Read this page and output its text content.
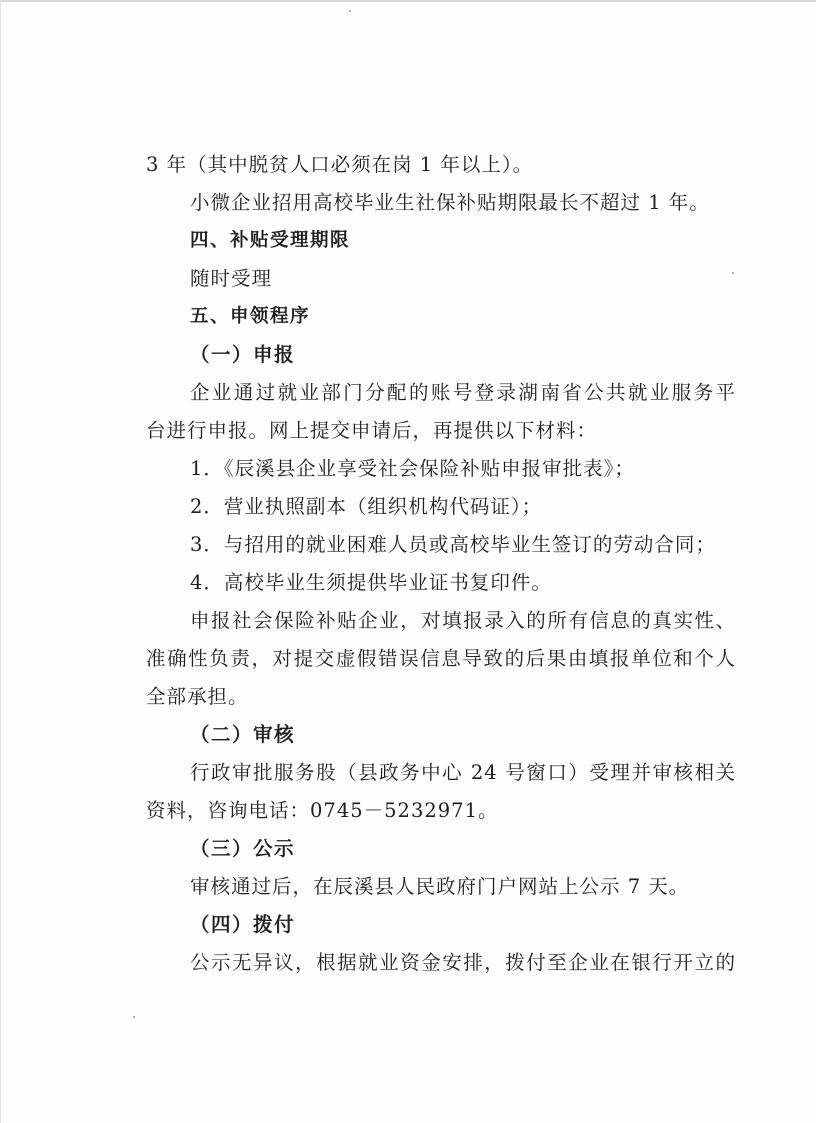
3 年（其中脱贫人口必须在岗 1 年以上）。
小微企业招用高校毕业生社保补贴期限最长不超过 1 年。
四、补贴受理期限
随时受理
五、申领程序
（一）申报
企业通过就业部门分配的账号登录湖南省公共就业服务平
台进行申报。网上提交申请后，再提供以下材料：
1．《辰溪县企业享受社会保险补贴申报审批表》；
2．营业执照副本（组织机构代码证）；
3．与招用的就业困难人员或高校毕业生签订的劳动合同；
4．高校毕业生须提供毕业证书复印件。
申报社会保险补贴企业，对填报录入的所有信息的真实性、
准确性负责，对提交虚假错误信息导致的后果由填报单位和个人
全部承担。
（二）审核
行政审批服务股（县政务中心 24 号窗口）受理并审核相关
资料，咨询电话：0745－5232971。
（三）公示
审核通过后，在辰溪县人民政府门户网站上公示 7 天。
（四）拨付
公示无异议，根据就业资金安排，拨付至企业在银行开立的
